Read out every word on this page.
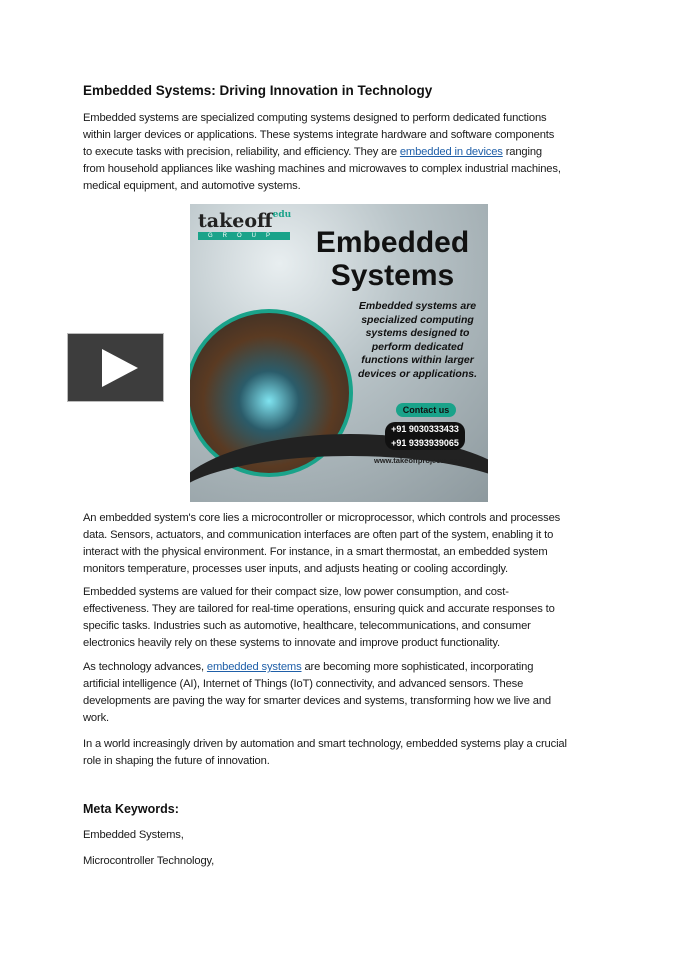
Embedded Systems: Driving Innovation in Technology
Embedded systems are specialized computing systems designed to perform dedicated functions
within larger devices or applications. These systems integrate hardware and software components
to execute tasks with precision, reliability, and efficiency. They are embedded in devices ranging
from household appliances like washing machines and microwaves to complex industrial machines,
medical equipment, and automotive systems.
takeoff$^{edu}$
GROUP	Embedded
Systems
Embedded systems are specialized computing systems designed to perform dedicated functions within larger devices or applications.
Contact us
+91 9030333433
+91 9393939065
www.takeoffprojects.com
An embedded system's core lies a microcontroller or microprocessor, which controls and processes
data. Sensors, actuators, and communication interfaces are often part of the system, enabling it to
interact with the physical environment. For instance, in a smart thermostat, an embedded system
monitors temperature, processes user inputs, and adjusts heating or cooling accordingly.
Embedded systems are valued for their compact size, low power consumption, and cost-
effectiveness. They are tailored for real-time operations, ensuring quick and accurate responses to
specific tasks. Industries such as automotive, healthcare, telecommunications, and consumer
electronics heavily rely on these systems to innovate and improve product functionality.
As technology advances, embedded systems are becoming more sophisticated, incorporating
artificial intelligence (AI), Internet of Things (IoT) connectivity, and advanced sensors. These
developments are paving the way for smarter devices and systems, transforming how we live and
work.
In a world increasingly driven by automation and smart technology, embedded systems play a crucial
role in shaping the future of innovation.
Meta Keywords:
Embedded Systems,
Microcontroller Technology,
